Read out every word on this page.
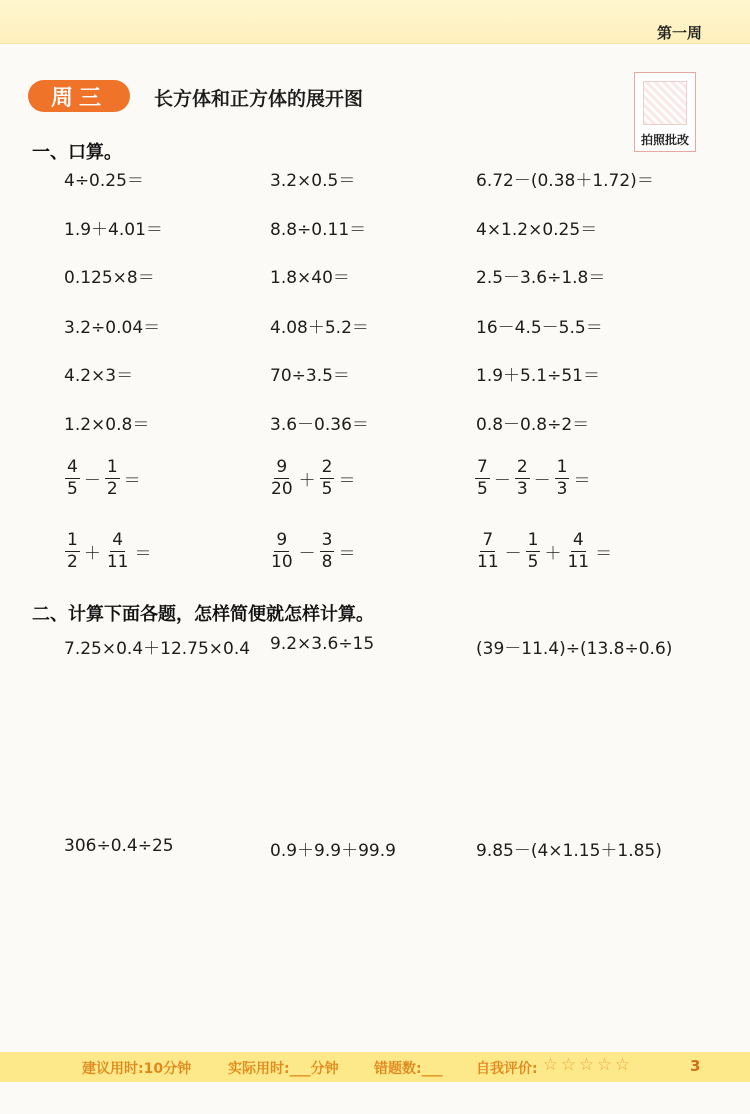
第一周
周三	长方体和正方体的展开图
拍照批改
一、口算。
4÷0.25＝	3.2×0.5＝	6.72－(0.38＋1.72)＝
1.9＋4.01＝	8.8÷0.11＝	4×1.2×0.25＝
0.125×8＝	1.8×40＝	2.5－3.6÷1.8＝
3.2÷0.04＝	4.08＋5.2＝	16－4.5－5.5＝
4.2×3＝	70÷3.5＝	1.9＋5.1÷51＝
1.2×0.8＝	3.6－0.36＝	0.8－0.8÷2＝
$\frac{4}{5} - \frac{1}{2}$ ＝	$\frac{9}{20} + \frac{2}{5}$ ＝	$\frac{7}{5} - \frac{2}{3} - \frac{1}{3}$ ＝
$\frac{1}{2} + \frac{4}{11}$ ＝	$\frac{9}{10} - \frac{3}{8}$ ＝	$\frac{7}{11} - \frac{1}{5} + \frac{4}{11}$ ＝
二、计算下面各题，怎样简便就怎样计算。
7.25×0.4＋12.75×0.4 9.2×3.6÷15	(39－11.4)÷(13.8÷0.6)
306÷0.4÷25	0.9＋9.9＋99.9	9.85－(4×1.15＋1.85)
建议用时:10分钟	实际用时:___分钟	错题数:___ 自我评价: ☆ ☆ ☆ ☆ ☆	3
